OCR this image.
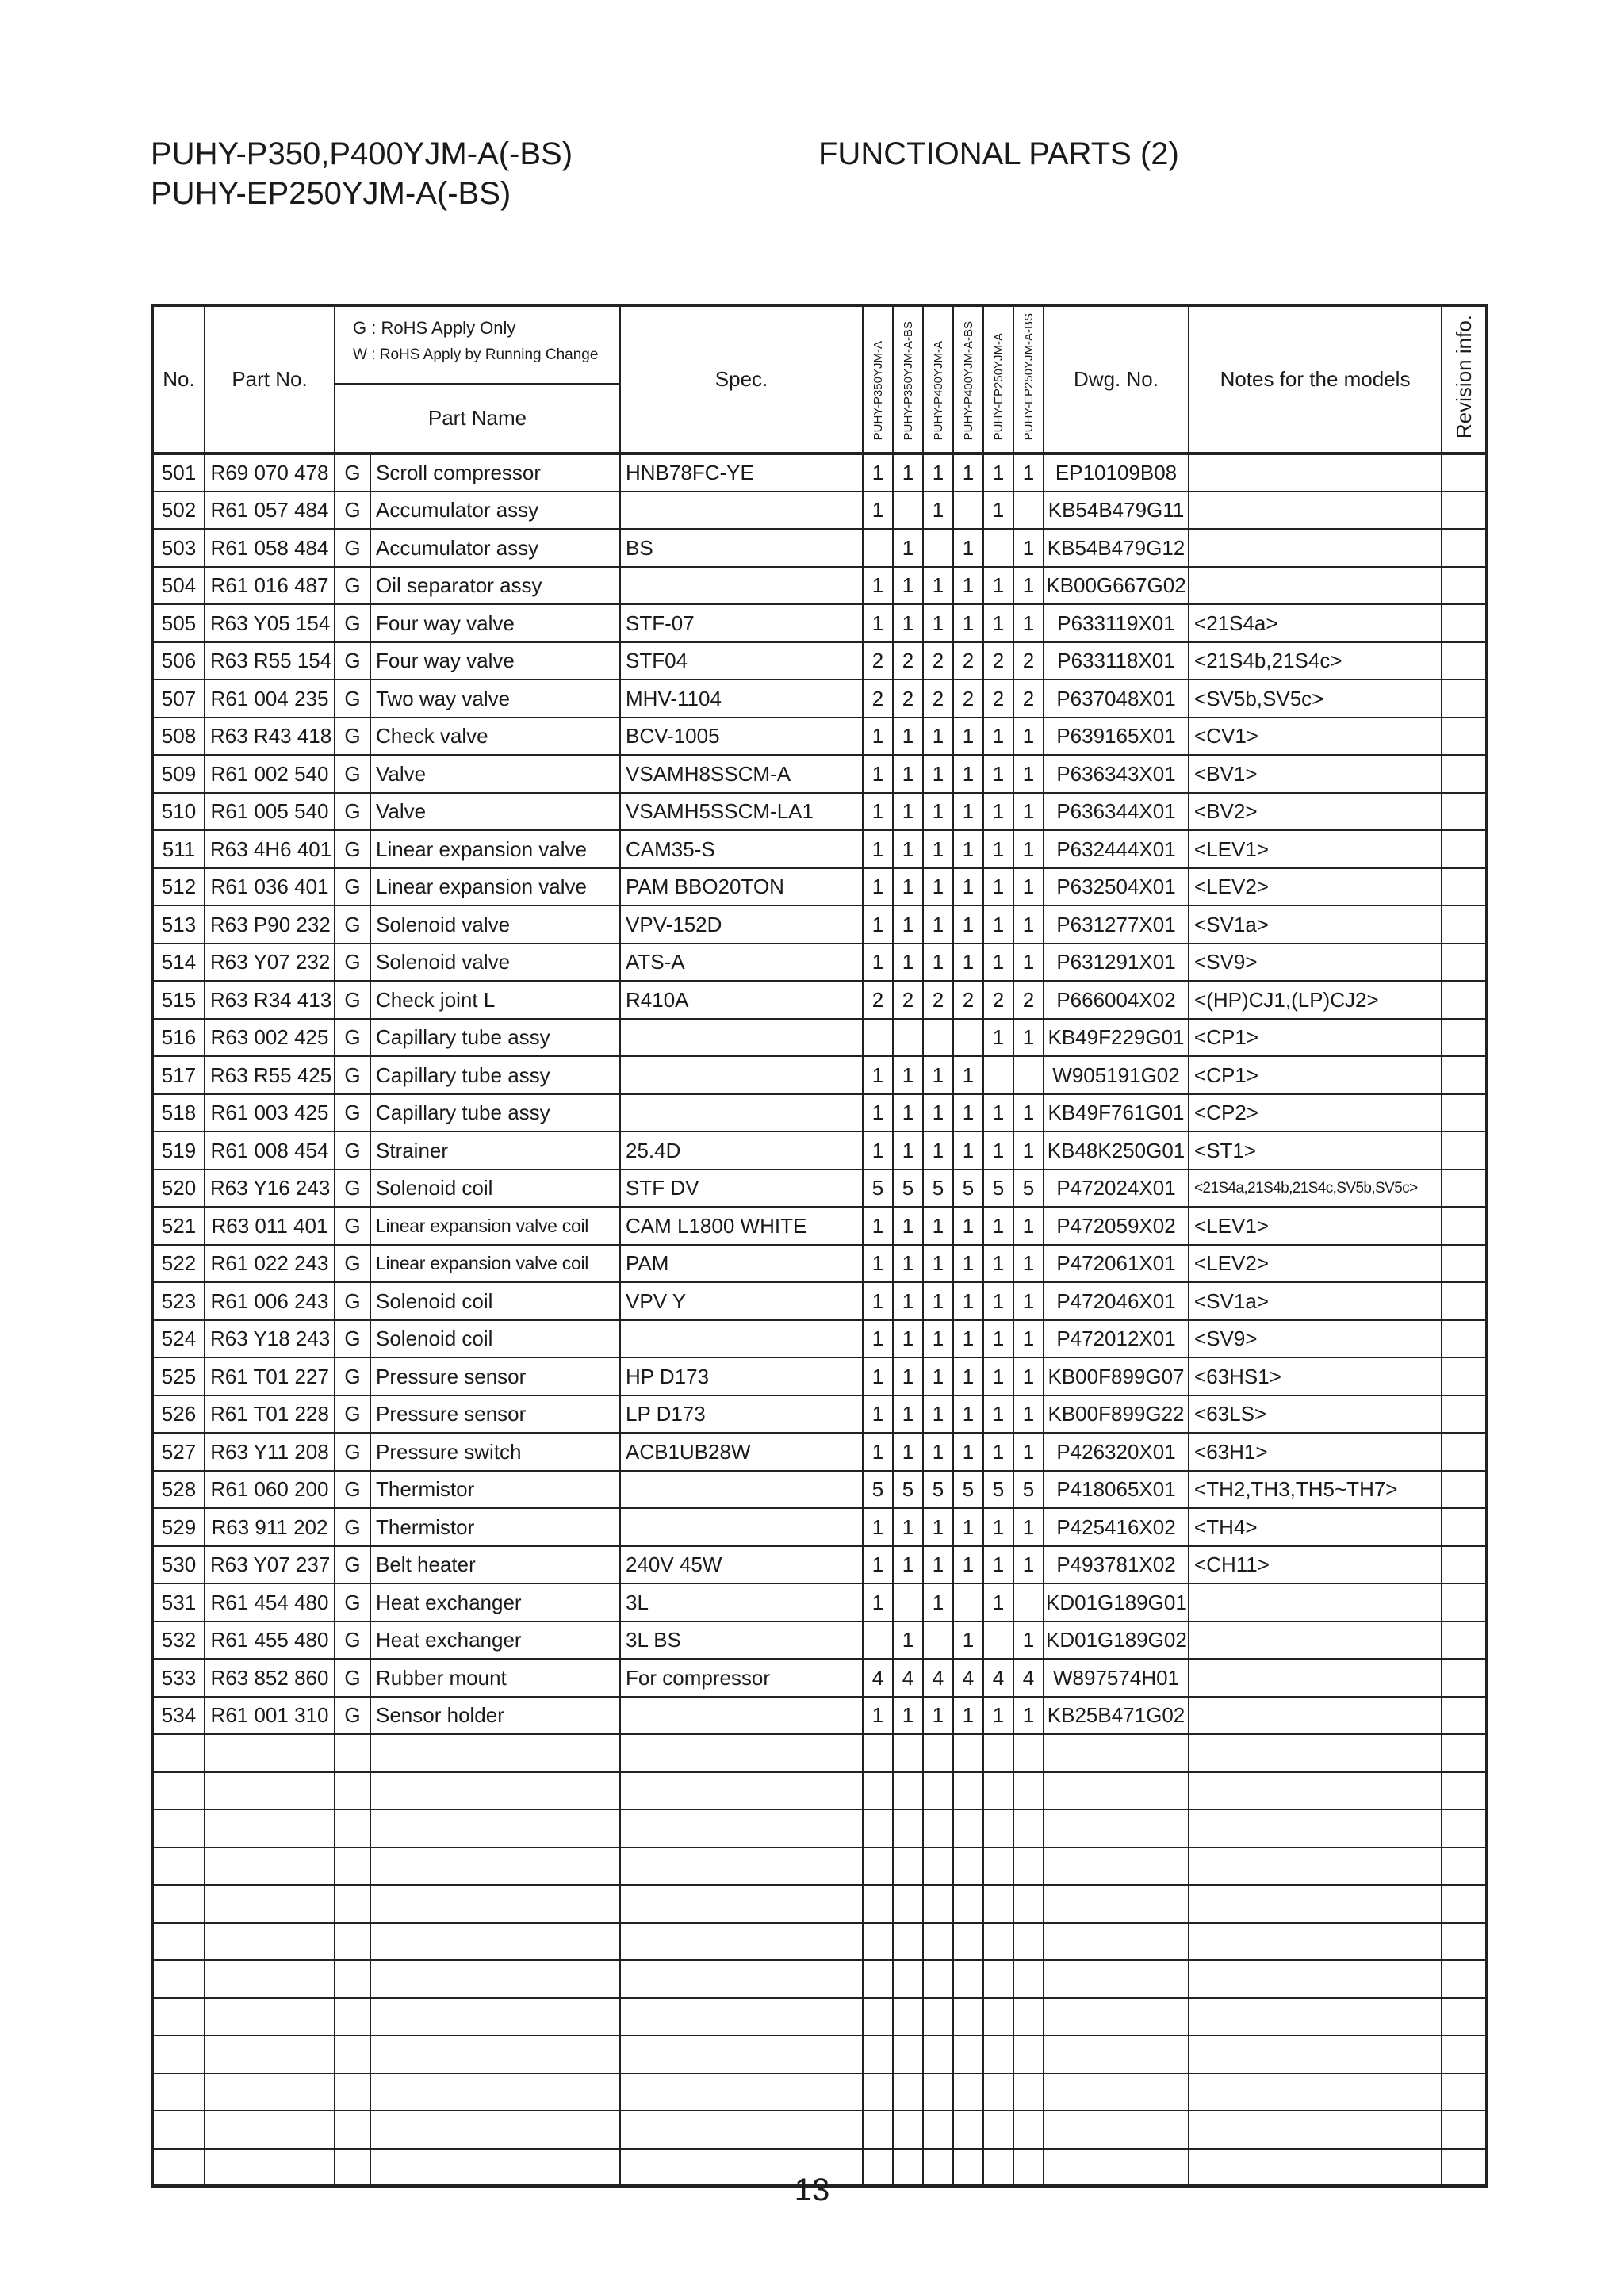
PUHY-P350,P400YJM-A(-BS)
PUHY-EP250YJM-A(-BS)
FUNCTIONAL PARTS (2)
No.	Part No.	G : RoHS Apply Only
W : RoHS Apply by Running Change		Spec.	PUHY-P350YJM-A	PUHY-P350YJM-A-BS	PUHY-P400YJM-A	PUHY-P400YJM-A-BS	PUHY-EP250YJM-A	PUHY-EP250YJM-A-BS	Dwg. No.	Notes for the models	Revision info.
		Part Name											
501	R69 070 478	G	Scroll compressor	HNB78FC-YE	1	1	1	1	1	1	EP10109B08		
502	R61 057 484	G	Accumulator assy		1		1		1		KB54B479G11		
503	R61 058 484	G	Accumulator assy	BS		1		1		1	KB54B479G12		
504	R61 016 487	G	Oil separator assy		1	1	1	1	1	1	KB00G667G02		
505	R63 Y05 154	G	Four way valve	STF-07	1	1	1	1	1	1	P633119X01	<21S4a>	
506	R63 R55 154	G	Four way valve	STF04	2	2	2	2	2	2	P633118X01	<21S4b,21S4c>	
507	R61 004 235	G	Two way valve	MHV-1104	2	2	2	2	2	2	P637048X01	<SV5b,SV5c>	
508	R63 R43 418	G	Check valve	BCV-1005	1	1	1	1	1	1	P639165X01	<CV1>	
509	R61 002 540	G	Valve	VSAMH8SSCM-A	1	1	1	1	1	1	P636343X01	<BV1>	
510	R61 005 540	G	Valve	VSAMH5SSCM-LA1	1	1	1	1	1	1	P636344X01	<BV2>	
511	R63 4H6 401	G	Linear expansion valve	CAM35-S	1	1	1	1	1	1	P632444X01	<LEV1>	
512	R61 036 401	G	Linear expansion valve	PAM BBO20TON	1	1	1	1	1	1	P632504X01	<LEV2>	
513	R63 P90 232	G	Solenoid valve	VPV-152D	1	1	1	1	1	1	P631277X01	<SV1a>	
514	R63 Y07 232	G	Solenoid valve	ATS-A	1	1	1	1	1	1	P631291X01	<SV9>	
515	R63 R34 413	G	Check joint L	R410A	2	2	2	2	2	2	P666004X02	<(HP)CJ1,(LP)CJ2>	
516	R63 002 425	G	Capillary tube assy						1	1	KB49F229G01	<CP1>	
517	R63 R55 425	G	Capillary tube assy		1	1	1	1			W905191G02	<CP1>	
518	R61 003 425	G	Capillary tube assy		1	1	1	1	1	1	KB49F761G01	<CP2>	
519	R61 008 454	G	Strainer	25.4D	1	1	1	1	1	1	KB48K250G01	<ST1>	
520	R63 Y16 243	G	Solenoid coil	STF DV	5	5	5	5	5	5	P472024X01	<21S4a,21S4b,21S4c,SV5b,SV5c>	
521	R63 011 401	G	Linear expansion valve coil	CAM L1800 WHITE	1	1	1	1	1	1	P472059X02	<LEV1>	
522	R61 022 243	G	Linear expansion valve coil	PAM	1	1	1	1	1	1	P472061X01	<LEV2>	
523	R61 006 243	G	Solenoid coil	VPV Y	1	1	1	1	1	1	P472046X01	<SV1a>	
524	R63 Y18 243	G	Solenoid coil		1	1	1	1	1	1	P472012X01	<SV9>	
525	R61 T01 227	G	Pressure sensor	HP D173	1	1	1	1	1	1	KB00F899G07	<63HS1>	
526	R61 T01 228	G	Pressure sensor	LP D173	1	1	1	1	1	1	KB00F899G22	<63LS>	
527	R63 Y11 208	G	Pressure switch	ACB1UB28W	1	1	1	1	1	1	P426320X01	<63H1>	
528	R61 060 200	G	Thermistor		5	5	5	5	5	5	P418065X01	<TH2,TH3,TH5~TH7>	
529	R63 911 202	G	Thermistor		1	1	1	1	1	1	P425416X02	<TH4>	
530	R63 Y07 237	G	Belt heater	240V 45W	1	1	1	1	1	1	P493781X02	<CH11>	
531	R61 454 480	G	Heat exchanger	3L	1		1		1		KD01G189G01		
532	R61 455 480	G	Heat exchanger	3L BS		1		1		1	KD01G189G02		
533	R63 852 860	G	Rubber mount	For compressor	4	4	4	4	4	4	W897574H01		
534	R61 001 310	G	Sensor holder		1	1	1	1	1	1	KB25B471G02		

13
